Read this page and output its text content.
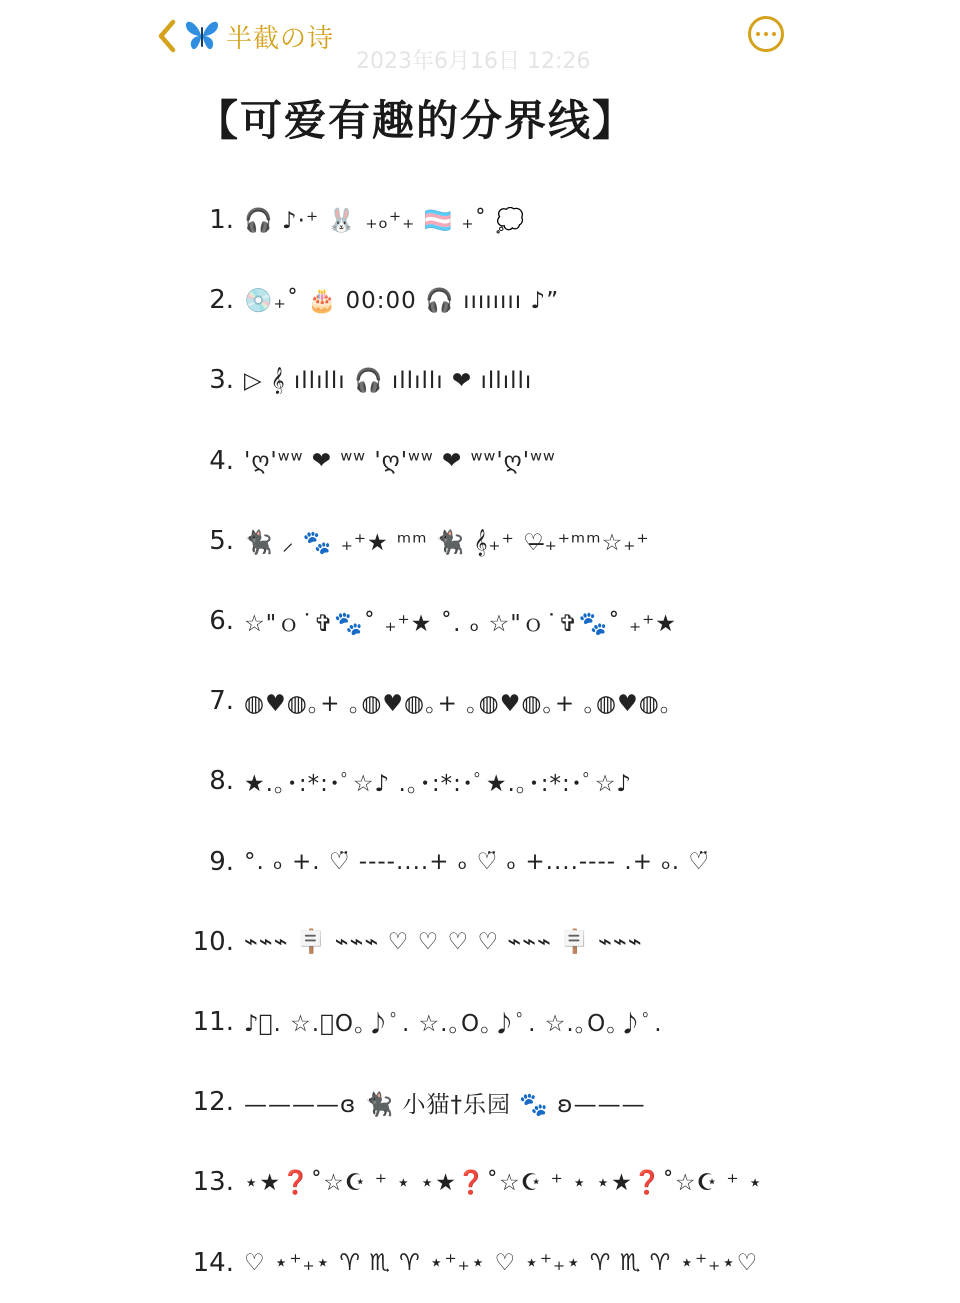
半截の诗
2023年6月16日 12:26
【可爱有趣的分界线】
1. 🎧 ♪·⁺ 🐰 ₊ₒ⁺₊ 🏳️‍⚧️ ₊˚ 💭
2. 💿₊˚ 🎂 00:00 🎧 ıııııııı ♪”
3. ▷ 𝄞 ıllıllı 🎧 ıllıllı ❤ ıllıllı
4. 'ღ'ʷʷ ❤ ʷʷ 'ღ'ʷʷ ❤ ʷʷ'ღ'ʷʷ
5. 🐈‍⬛ ⸝ 🐾 ₊⁺★ ᵐᵐ 🐈‍⬛ 𝄞₊⁺ ♡̶₊⁺ᵐᵐ☆₊⁺
6. ☆"ｏ˙✞🐾˚ ₊⁺★ ˚. ₒ ☆"ｏ˙✞🐾˚ ₊⁺★
7. ◍♥◍｡+ ｡◍♥◍｡+ ｡◍♥◍｡+ ｡◍♥◍｡
8. ★.｡･:*:･ﾟ☆♪ .｡･:*:･ﾟ★.｡･:*:･ﾟ☆♪
9. °. ₒ +. ♡̈ ----....+ ₒ ♡̈ ₒ +....---- .+ ₒ. ♡̈
10. ⌁⌁⌁ 🪧 ⌁⌁⌁ ♡ ♡ ♡ ♡ ⌁⌁⌁ 🪧 ⌁⌁⌁
11. ♪ﾟ. ☆.｡O｡♪ﾟ. ☆.｡O｡♪ﾟ. ☆.｡O｡♪ﾟ.
12. ————ɞ 🐈‍⬛ 小猫†乐园 🐾 ʚ———
13. ⋆★❓˚☆☪ ⁺ ⋆ ⋆★❓˚☆☪ ⁺ ⋆ ⋆★❓˚☆☪ ⁺ ⋆
14. ♡ ⋆⁺₊⋆ ♈ ♏ ♈ ⋆⁺₊⋆ ♡ ⋆⁺₊⋆ ♈ ♏ ♈ ⋆⁺₊⋆♡
